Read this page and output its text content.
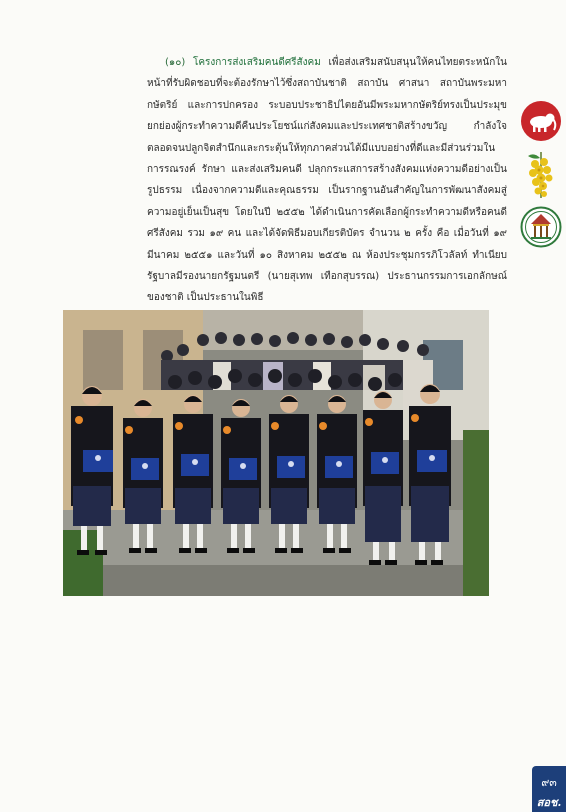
(๑๐) โครงการส่งเสริมคนดีศรีสังคม เพื่อส่งเสริมสนับสนุนให้คนไทยตระหนักในหน้าที่รับผิดชอบที่จะต้องรักษาไว้ซึ่งสถาบันชาติ สถาบัน ศาสนา สถาบันพระมหากษัตริย์ และการปกครอง ระบอบประชาธิปไตยอันมีพระมหากษัตริย์ทรงเป็นประมุข ยกย่องผู้กระทำความดีคืนประโยชน์แก่สังคมและประเทศชาติสร้างขวัญ กำลังใจ ตลอดจนปลูกจิตสำนึกและกระตุ้นให้ทุกภาคส่วนได้มีแบบอย่างที่ดีและมีส่วนร่วมในการรณรงค์ รักษา และส่งเสริมคนดี ปลุกกระแสการสร้างสังคมแห่งความดีอย่างเป็นรูปธรรม เนื่องจากความดีและคุณธรรม เป็นรากฐานอันสำคัญในการพัฒนาสังคมสู่ความอยู่เย็นเป็นสุข โดยในปี ๒๕๕๒ ได้ดำเนินการคัดเลือกผู้กระทำความดีหรือคนดีศรีสังคม รวม ๑๙ คน และได้จัดพิธีมอบเกียรติบัตร จำนวน ๒ ครั้ง คือ เมื่อวันที่ ๑๙ มีนาคม ๒๕๕๑ และวันที่ ๑๐ สิงหาคม ๒๕๕๒ ณ ห้องประชุมกรรภิโวลัลท์ ทำเนียบรัฐบาลมีรองนายกรัฐมนตรี (นายสุเทพ เทือกสุบรรณ) ประธานกรรมการเอกลักษณ์ของชาติ เป็นประธานในพิธี

๙๓
สอช.
